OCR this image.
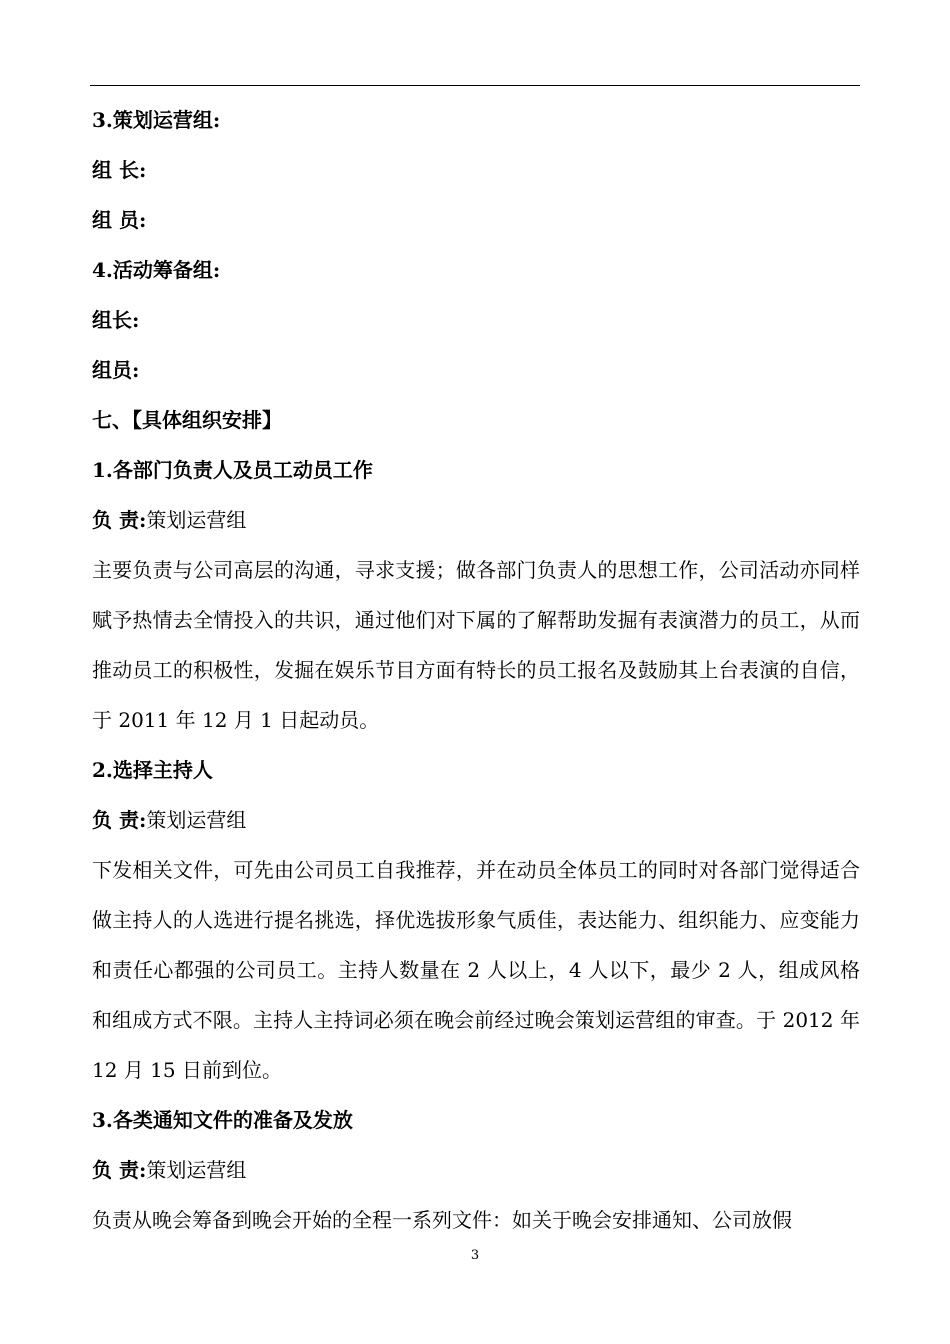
3.策划运营组:
组 长:
组 员:
4.活动筹备组:
组长:
组员:
七、【具体组织安排】
1.各部门负责人及员工动员工作
负 责:策划运营组

主要负责与公司高层的沟通，寻求支援；做各部门负责人的思想工作，公司活动亦同样赋予热情去全情投入的共识，通过他们对下属的了解帮助发掘有表演潜力的员工，从而推动员工的积极性，发掘在娱乐节目方面有特长的员工报名及鼓励其上台表演的自信，于 2011 年 12 月 1 日起动员。

2.选择主持人
负 责:策划运营组

下发相关文件，可先由公司员工自我推荐，并在动员全体员工的同时对各部门觉得适合做主持人的人选进行提名挑选，择优选拔形象气质佳，表达能力、组织能力、应变能力和责任心都强的公司员工。主持人数量在 2 人以上，4 人以下，最少 2 人，组成风格和组成方式不限。主持人主持词必须在晚会前经过晚会策划运营组的审查。于 2012 年 12 月 15 日前到位。

3.各类通知文件的准备及发放
负 责:策划运营组

负责从晚会筹备到晚会开始的全程一系列文件：如关于晚会安排通知、公司放假

3
